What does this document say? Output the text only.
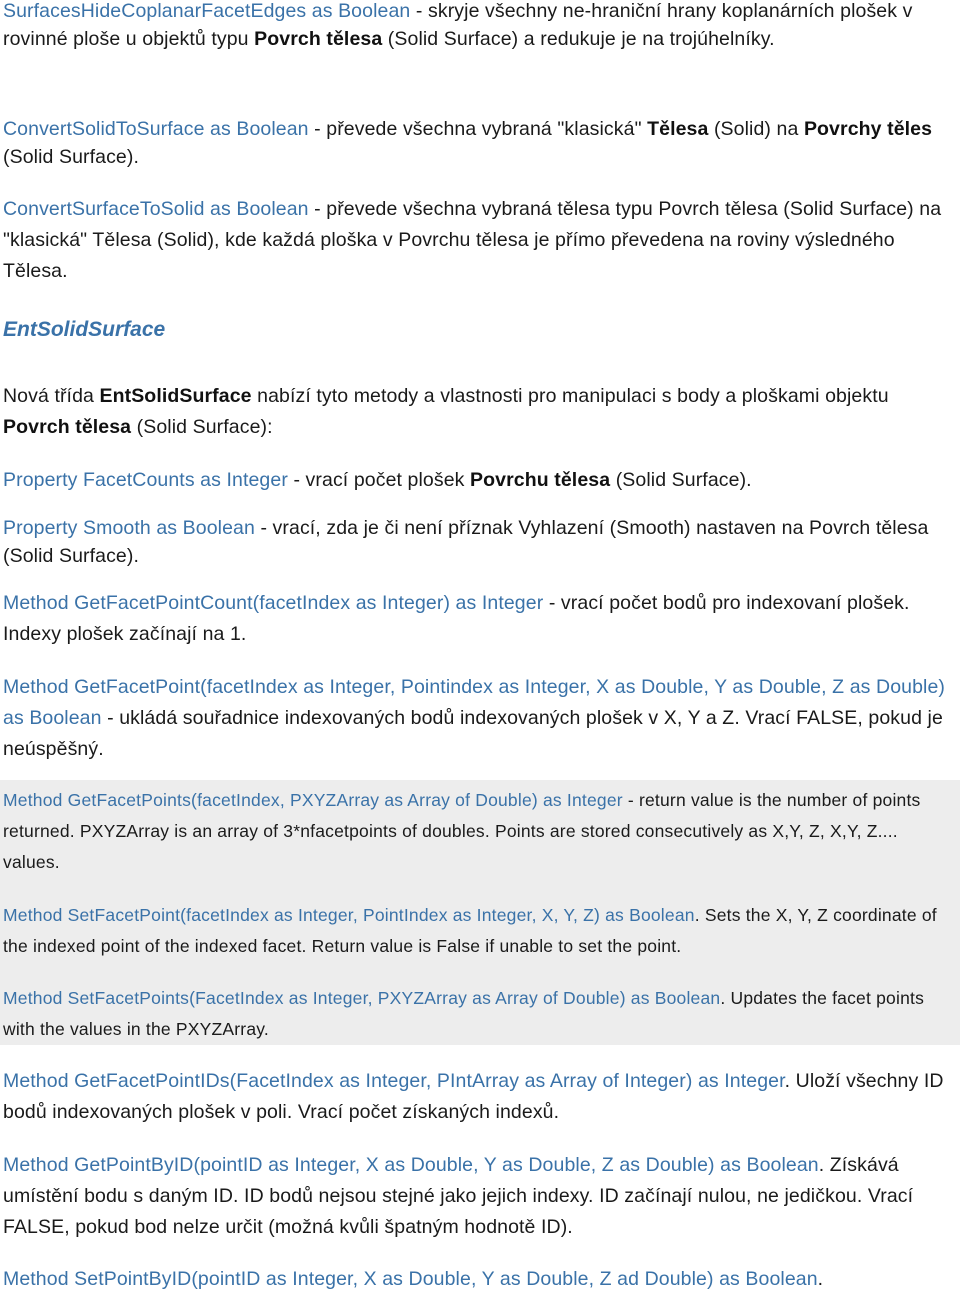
SurfacesHideCoplanarFacetEdges as Boolean - skryje všechny ne-hraniční hrany koplanárních plošek v rovinné ploše u objektů typu Povrch tělesa (Solid Surface) a redukuje je na trojúhelníky.

ConvertSolidToSurface as Boolean - převede všechna vybraná "klasická" Tělesa (Solid) na Povrchy těles (Solid Surface).

ConvertSurfaceToSolid as Boolean - převede všechna vybraná tělesa typu Povrch tělesa (Solid Surface) na "klasická" Tělesa (Solid), kde každá ploška v Povrchu tělesa je přímo převedena na roviny výsledného Tělesa.

EntSolidSurface

Nová třída EntSolidSurface nabízí tyto metody a vlastnosti pro manipulaci s body a ploškami objektu Povrch tělesa (Solid Surface):

Property FacetCounts as Integer - vrací počet plošek Povrchu tělesa (Solid Surface).

Property Smooth as Boolean - vrací, zda je či není příznak Vyhlazení (Smooth) nastaven na Povrch tělesa (Solid Surface).

Method GetFacetPointCount(facetIndex as Integer) as Integer - vrací počet bodů pro indexovaní plošek. Indexy plošek začínají na 1.

Method GetFacetPoint(facetIndex as Integer, Pointindex as Integer, X as Double, Y as Double, Z as Double) as Boolean - ukládá souřadnice indexovaných bodů indexovaných plošek v X, Y a Z. Vrací FALSE, pokud je neúspěšný.

Method GetFacetPoints(facetIndex, PXYZArray as Array of Double) as Integer - return value is the number of points returned. PXYZArray is an array of 3*nfacetpoints of doubles. Points are stored consecutively as X,Y, Z, X,Y, Z.... values.

Method SetFacetPoint(facetIndex as Integer, PointIndex as Integer, X, Y, Z) as Boolean. Sets the X, Y, Z coordinate of the indexed point of the indexed facet. Return value is False if unable to set the point.

Method SetFacetPoints(FacetIndex as Integer, PXYZArray as Array of Double) as Boolean. Updates the facet points with the values in the PXYZArray.

Method GetFacetPointIDs(FacetIndex as Integer, PIntArray as Array of Integer) as Integer. Uloží všechny ID bodů indexovaných plošek v poli. Vrací počet získaných indexů.

Method GetPointByID(pointID as Integer, X as Double, Y as Double, Z as Double) as Boolean. Získává umístění bodu s daným ID. ID bodů nejsou stejné jako jejich indexy. ID začínají nulou, ne jedičkou. Vrací FALSE, pokud bod nelze určit (možná kvůli špatným hodnotě ID).

Method SetPointByID(pointID as Integer, X as Double, Y as Double, Z ad Double) as Boolean.
